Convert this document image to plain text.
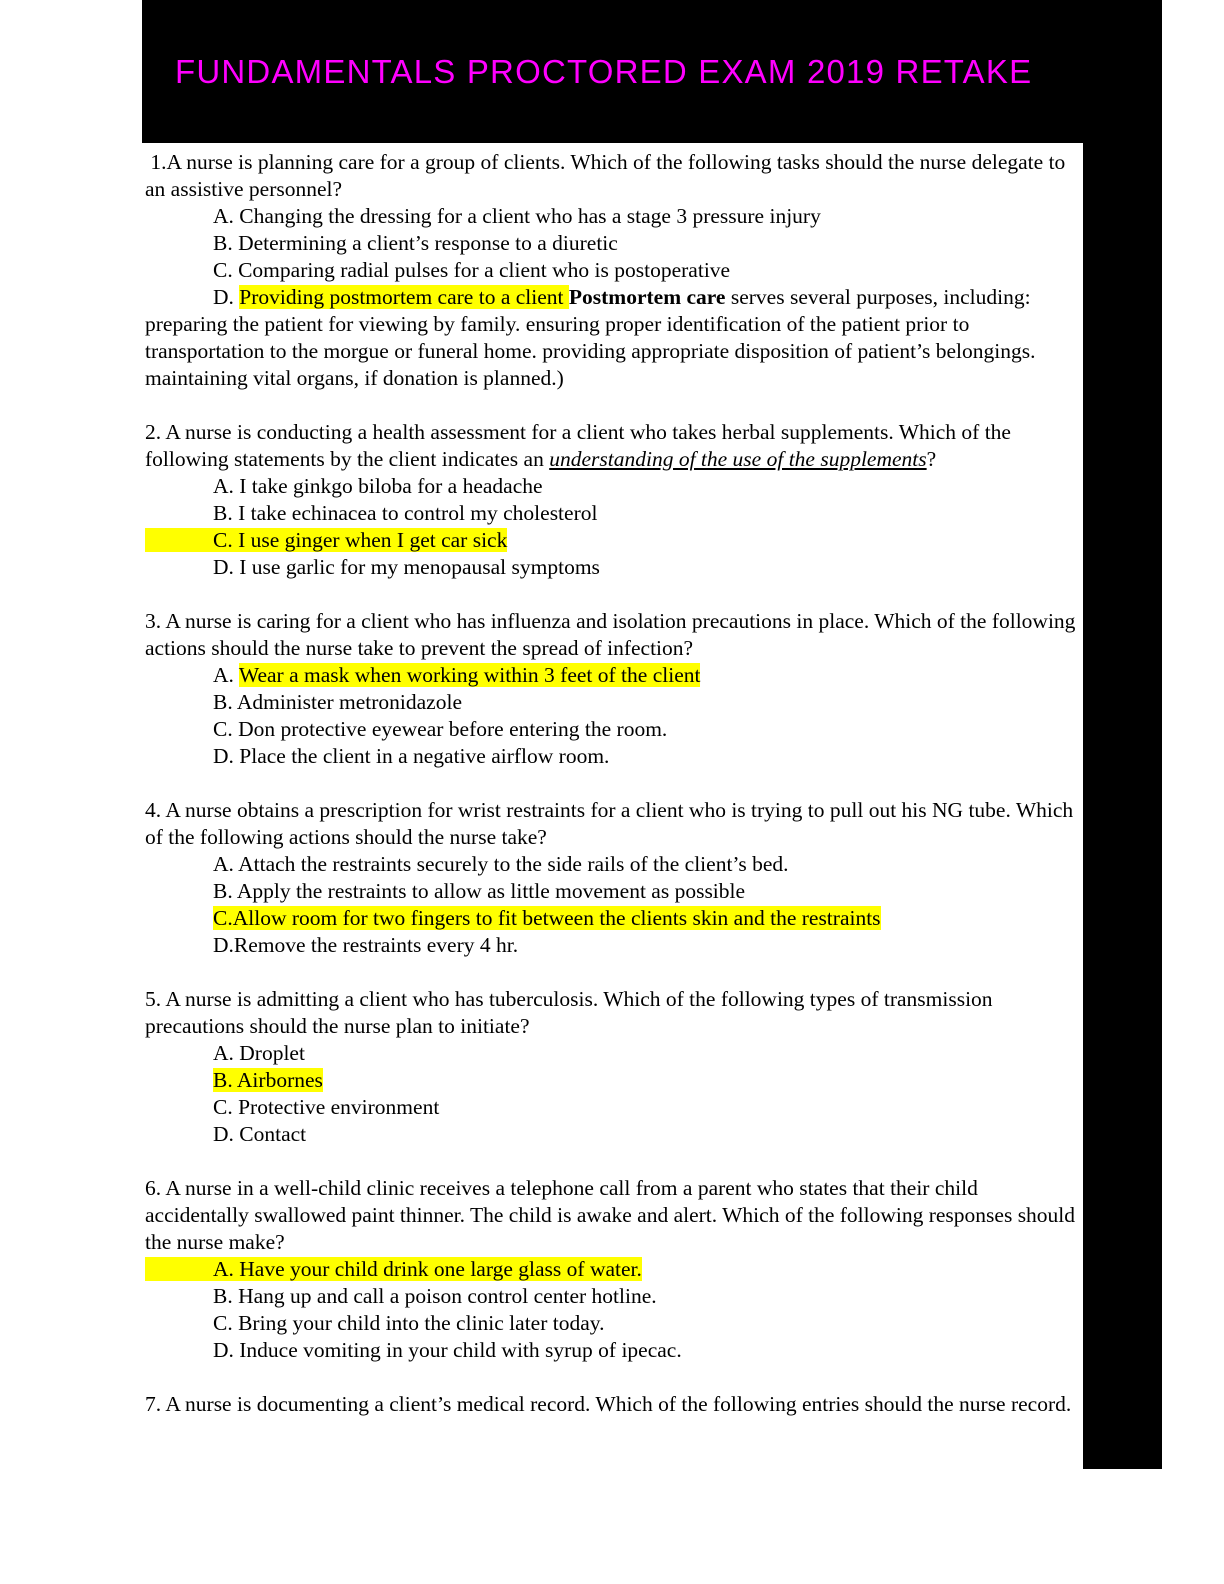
FUNDAMENTALS PROCTORED EXAM 2019 RETAKE

1.A nurse is planning care for a group of clients. Which of the following tasks should the nurse delegate to an assistive personnel?

A. Changing the dressing for a client who has a stage 3 pressure injury

B. Determining a client’s response to a diuretic

C. Comparing radial pulses for a client who is postoperative

D. Providing postmortem care to a client Postmortem care serves several purposes, including: preparing the patient for viewing by family. ensuring proper identification of the patient prior to transportation to the morgue or funeral home. providing appropriate disposition of patient’s belongings. maintaining vital organs, if donation is planned.)

2. A nurse is conducting a health assessment for a client who takes herbal supplements. Which of the following statements by the client indicates an understanding of the use of the supplements?

A. I take ginkgo biloba for a headache

B. I take echinacea to control my cholesterol

C. I use ginger when I get car sick

D. I use garlic for my menopausal symptoms

3. A nurse is caring for a client who has influenza and isolation precautions in place. Which of the following actions should the nurse take to prevent the spread of infection?

A. Wear a mask when working within 3 feet of the client

B. Administer metronidazole

C. Don protective eyewear before entering the room.

D. Place the client in a negative airflow room.

4. A nurse obtains a prescription for wrist restraints for a client who is trying to pull out his NG tube. Which of the following actions should the nurse take?

A. Attach the restraints securely to the side rails of the client’s bed.

B. Apply the restraints to allow as little movement as possible

C.Allow room for two fingers to fit between the clients skin and the restraints

D.Remove the restraints every 4 hr.

5. A nurse is admitting a client who has tuberculosis. Which of the following types of transmission precautions should the nurse plan to initiate?

A. Droplet

B. Airbornes

C. Protective environment

D. Contact

6. A nurse in a well-child clinic receives a telephone call from a parent who states that their child accidentally swallowed paint thinner. The child is awake and alert. Which of the following responses should the nurse make?

A. Have your child drink one large glass of water.

B. Hang up and call a poison control center hotline.

C. Bring your child into the clinic later today.

D. Induce vomiting in your child with syrup of ipecac.

7. A nurse is documenting a client’s medical record. Which of the following entries should the nurse record.
